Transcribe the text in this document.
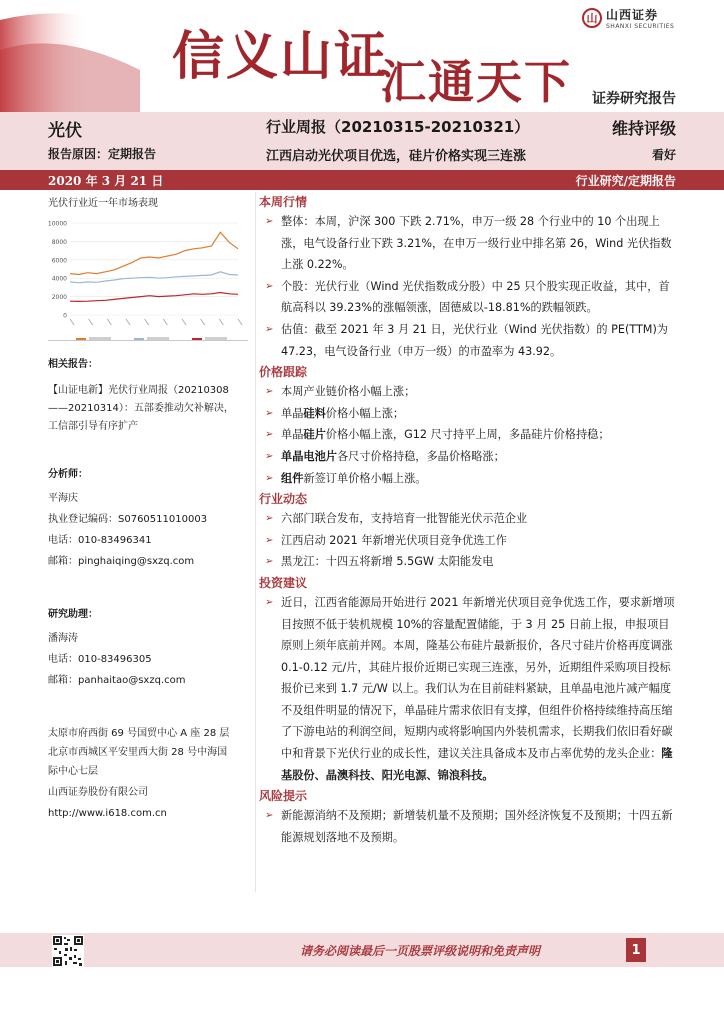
信义山证
汇通天下
山 山西证券
SHANXI SECURITIES
证券研究报告
光伏
报告原因：定期报告
行业周报（20210315-20210321）	维持评级
江西启动光伏项目优选，硅片价格实现三连涨	看好
2020 年 3 月 21 日	行业研究/定期报告
光伏行业近一年市场表现
10000
8000
6000
4000
2000
0
相关报告：
【山证电新】光伏行业周报（20210308
——20210314）：五部委推动欠补解决，
工信部引导有序扩产
分析师：
平海庆
执业登记编码：S0760511010003
电话：010-83496341
邮箱：pinghaiqing@sxzq.com
研究助理：
潘海涛
电话：010-83496305
邮箱：panhaitao@sxzq.com
太原市府西街 69 号国贸中心 A 座 28 层
北京市西城区平安里西大街 28 号中海国
际中心七层
山西证券股份有限公司
http://www.i618.com.cn
本周行情
➢ 整体：本周，沪深 300 下跌 2.71%，申万一级 28 个行业中的 10 个出现上涨，电气设备行业下跌 3.21%，在申万一级行业中排名第 26，Wind 光伏指数上涨 0.22%。
➢ 个股：光伏行业（Wind 光伏指数成分股）中 25 只个股实现正收益，其中，首航高科以 39.23%的涨幅领涨，固德威以-18.81%的跌幅领跌。
➢ 估值：截至 2021 年 3 月 21 日，光伏行业（Wind 光伏指数）的 PE(TTM)为 47.23，电气设备行业（申万一级）的市盈率为 43.92。
价格跟踪
➢ 本周产业链价格小幅上涨；
➢ 单晶硅料价格小幅上涨；
➢ 单晶硅片价格小幅上涨，G12 尺寸持平上周，多晶硅片价格持稳；
➢ 单晶电池片各尺寸价格持稳，多晶价格略涨；
➢ 组件新签订单价格小幅上涨。
行业动态
➢ 六部门联合发布，支持培育一批智能光伏示范企业
➢ 江西启动 2021 年新增光伏项目竞争优选工作
➢ 黑龙江：十四五将新增 5.5GW 太阳能发电
投资建议
➢ 近日，江西省能源局开始进行 2021 年新增光伏项目竞争优选工作，要求新增项目按照不低于装机规模 10%的容量配置储能，于 3 月 25 日前上报，申报项目原则上须年底前并网。本周，隆基公布硅片最新报价，各尺寸硅片价格再度调涨 0.1-0.12 元/片，其硅片报价近期已实现三连涨，另外，近期组件采购项目投标报价已来到 1.7 元/W 以上。我们认为在目前硅料紧缺，且单晶电池片减产幅度不及组件明显的情况下，单晶硅片需求依旧有支撑，但组件价格持续维持高压缩了下游电站的利润空间，短期内或将影响国内外装机需求，长期我们依旧看好碳中和背景下光伏行业的成长性，建议关注具备成本及市占率优势的龙头企业：隆基股份、晶澳科技、阳光电源、锦浪科技。
风险提示
➢ 新能源消纳不及预期；新增装机量不及预期；国外经济恢复不及预期；十四五新能源规划落地不及预期。
请务必阅读最后一页股票评级说明和免责声明	1
